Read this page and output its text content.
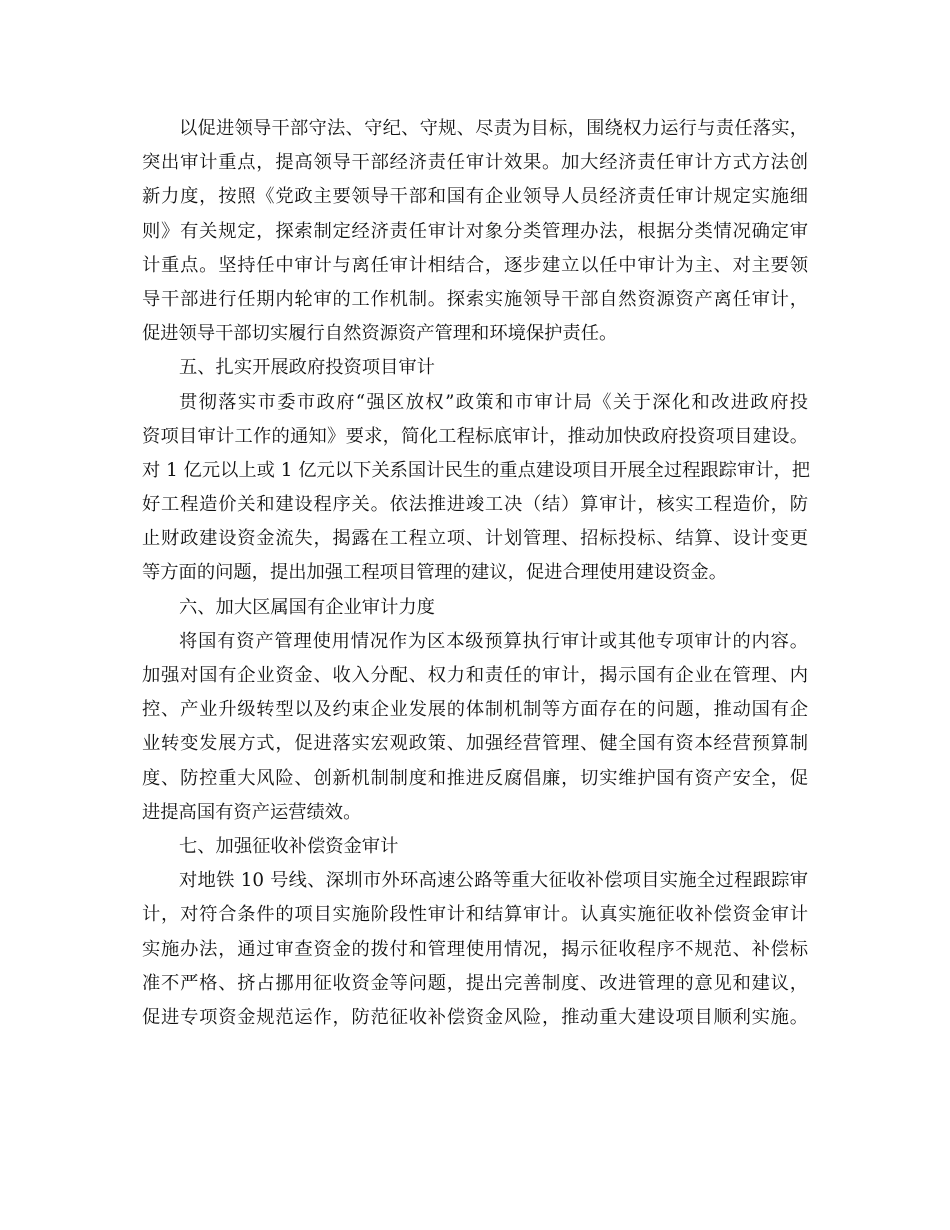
以促进领导干部守法、守纪、守规、尽责为目标，围绕权力运行与责任落实，
突出审计重点，提高领导干部经济责任审计效果。加大经济责任审计方式方法创
新力度，按照《党政主要领导干部和国有企业领导人员经济责任审计规定实施细
则》有关规定，探索制定经济责任审计对象分类管理办法，根据分类情况确定审
计重点。坚持任中审计与离任审计相结合，逐步建立以任中审计为主、对主要领
导干部进行任期内轮审的工作机制。探索实施领导干部自然资源资产离任审计，
促进领导干部切实履行自然资源资产管理和环境保护责任。
五、扎实开展政府投资项目审计
贯彻落实市委市政府“强区放权”政策和市审计局《关于深化和改进政府投
资项目审计工作的通知》要求，简化工程标底审计，推动加快政府投资项目建设。
对 1 亿元以上或 1 亿元以下关系国计民生的重点建设项目开展全过程跟踪审计，把
好工程造价关和建设程序关。依法推进竣工决（结）算审计，核实工程造价，防
止财政建设资金流失，揭露在工程立项、计划管理、招标投标、结算、设计变更
等方面的问题，提出加强工程项目管理的建议，促进合理使用建设资金。
六、加大区属国有企业审计力度
将国有资产管理使用情况作为区本级预算执行审计或其他专项审计的内容。
加强对国有企业资金、收入分配、权力和责任的审计，揭示国有企业在管理、内
控、产业升级转型以及约束企业发展的体制机制等方面存在的问题，推动国有企
业转变发展方式，促进落实宏观政策、加强经营管理、健全国有资本经营预算制
度、防控重大风险、创新机制制度和推进反腐倡廉，切实维护国有资产安全，促
进提高国有资产运营绩效。
七、加强征收补偿资金审计
对地铁 10 号线、深圳市外环高速公路等重大征收补偿项目实施全过程跟踪审
计，对符合条件的项目实施阶段性审计和结算审计。认真实施征收补偿资金审计
实施办法，通过审查资金的拨付和管理使用情况，揭示征收程序不规范、补偿标
准不严格、挤占挪用征收资金等问题，提出完善制度、改进管理的意见和建议，
促进专项资金规范运作，防范征收补偿资金风险，推动重大建设项目顺利实施。
